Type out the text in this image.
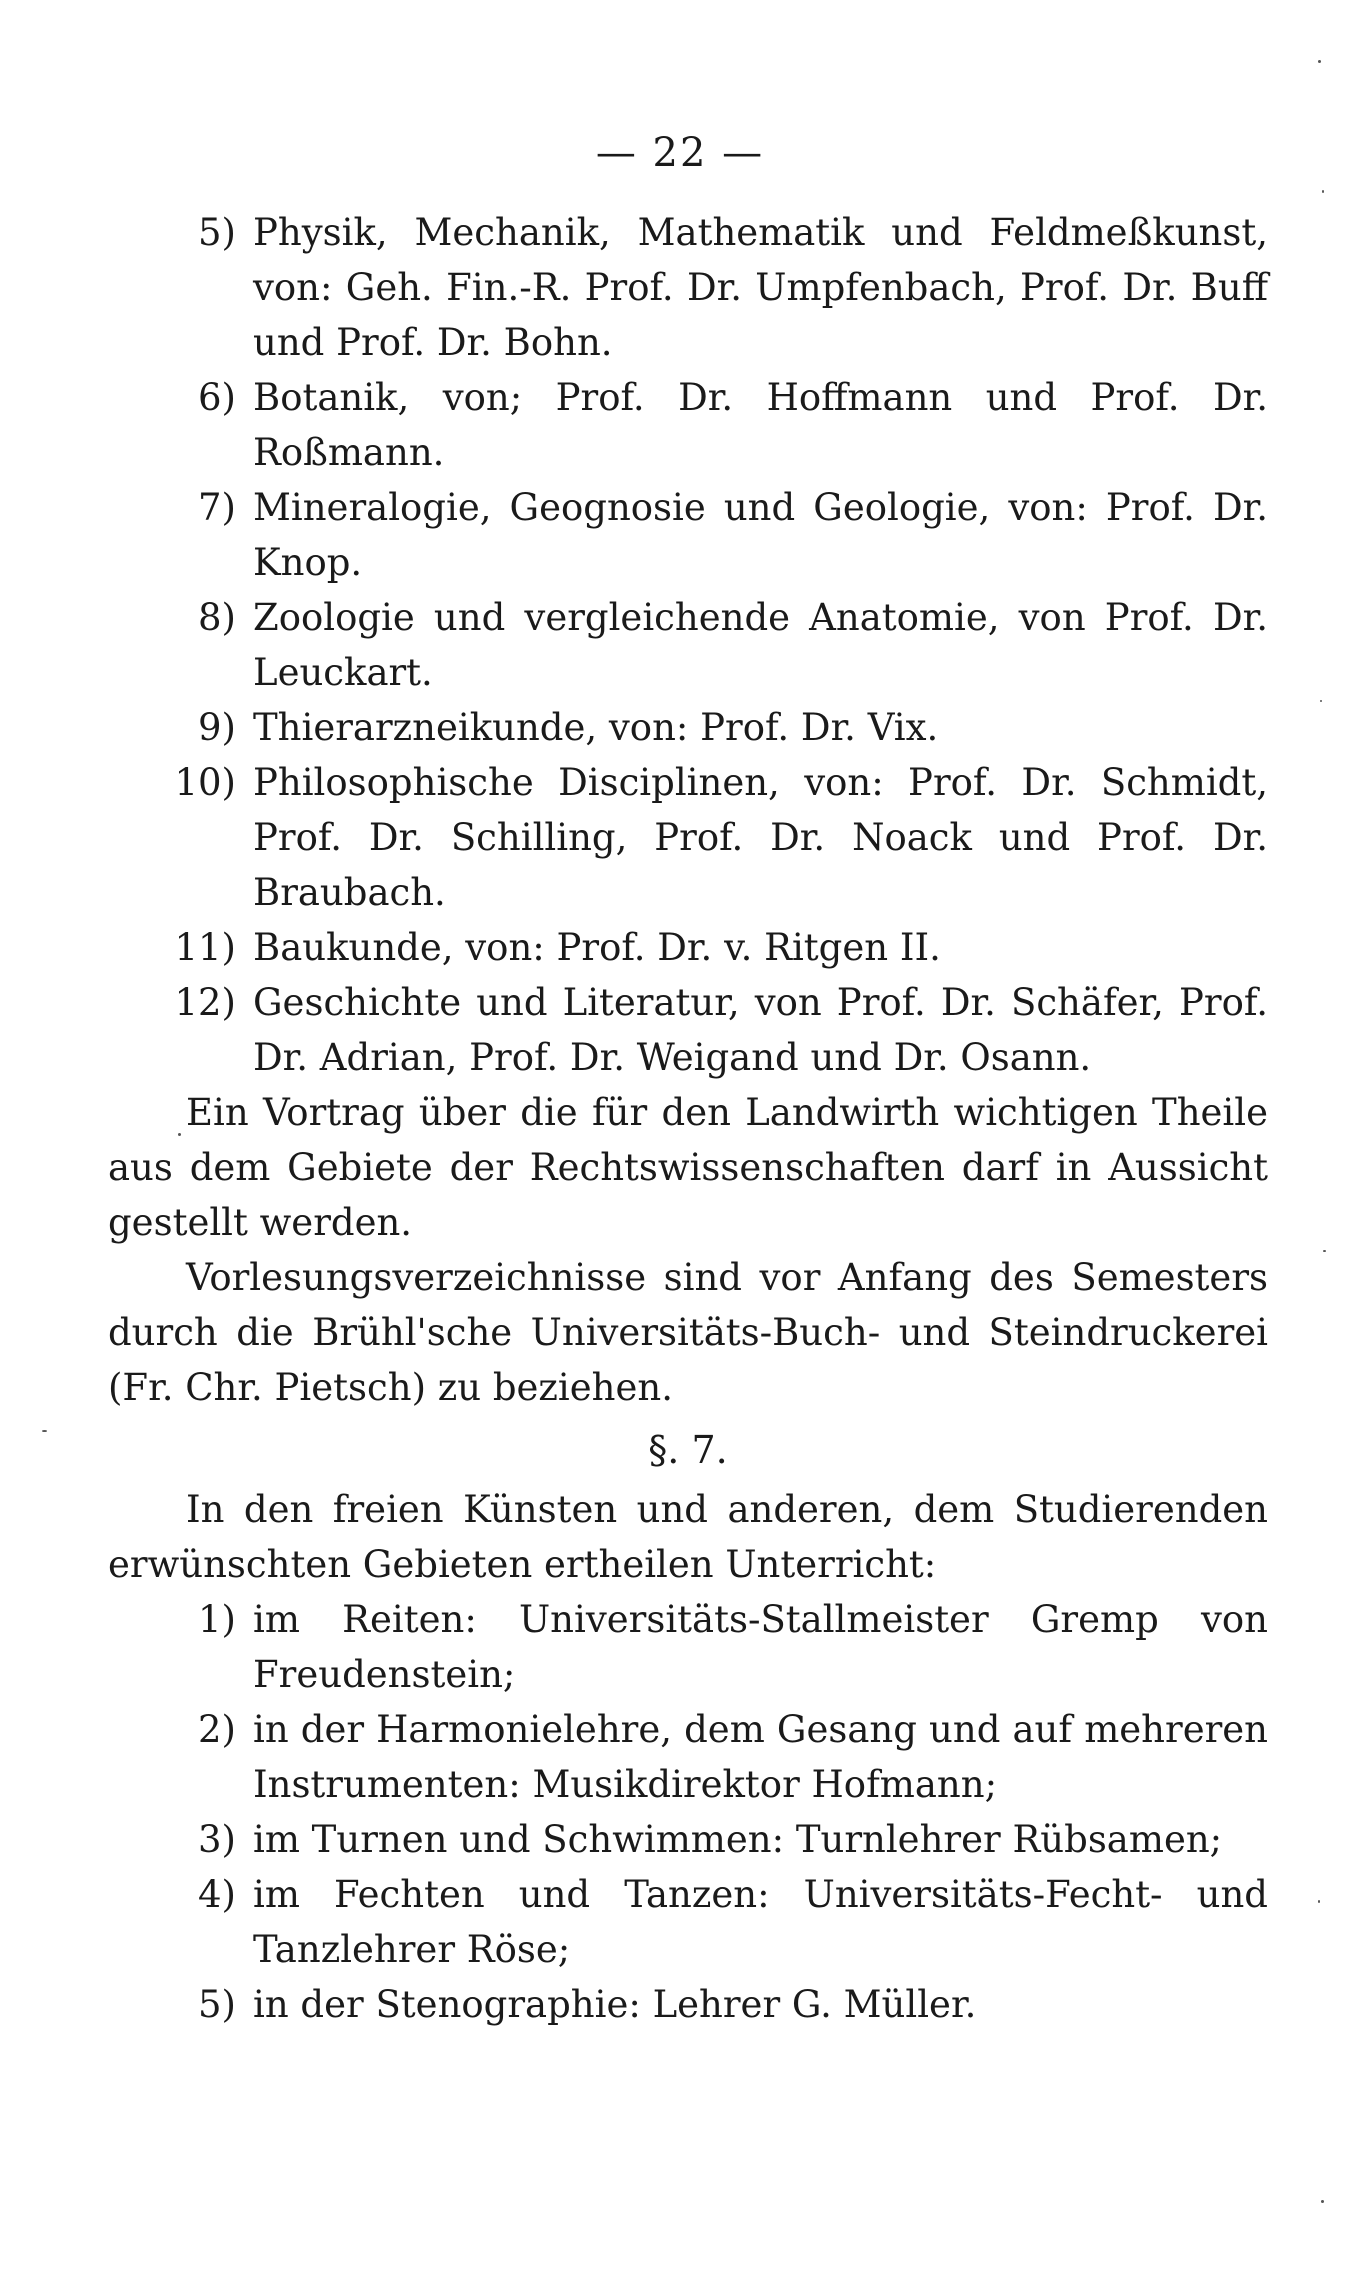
— 22 —
5) Physik, Mechanik, Mathematik und Feldmeßkunst, von: Geh. Fin.-R. Prof. Dr. Umpfenbach, Prof. Dr. Buff und Prof. Dr. Bohn.
6) Botanik, von; Prof. Dr. Hoffmann und Prof. Dr. Roßmann.
7) Mineralogie, Geognosie und Geologie, von: Prof. Dr. Knop.
8) Zoologie und vergleichende Anatomie, von Prof. Dr. Leuckart.
9) Thierarzneikunde, von: Prof. Dr. Vix.
10) Philosophische Disciplinen, von: Prof. Dr. Schmidt, Prof. Dr. Schilling, Prof. Dr. Noack und Prof. Dr. Braubach.
11) Baukunde, von: Prof. Dr. v. Ritgen II.
12) Geschichte und Literatur, von Prof. Dr. Schäfer, Prof. Dr. Adrian, Prof. Dr. Weigand und Dr. Osann.

Ein Vortrag über die für den Landwirth wichtigen Theile aus dem Gebiete der Rechtswissenschaften darf in Aussicht gestellt werden.

Vorlesungsverzeichnisse sind vor Anfang des Semesters durch die Brühl'sche Universitäts-Buch- und Steindruckerei (Fr. Chr. Pietsch) zu beziehen.

§. 7.

In den freien Künsten und anderen, dem Studierenden erwünschten Gebieten ertheilen Unterricht:

1) im Reiten: Universitäts-Stallmeister Gremp von Freudenstein;
2) in der Harmonielehre, dem Gesang und auf mehreren Instrumenten: Musikdirektor Hofmann;
3) im Turnen und Schwimmen: Turnlehrer Rübsamen;
4) im Fechten und Tanzen: Universitäts-Fecht- und Tanzlehrer Röse;
5) in der Stenographie: Lehrer G. Müller.
